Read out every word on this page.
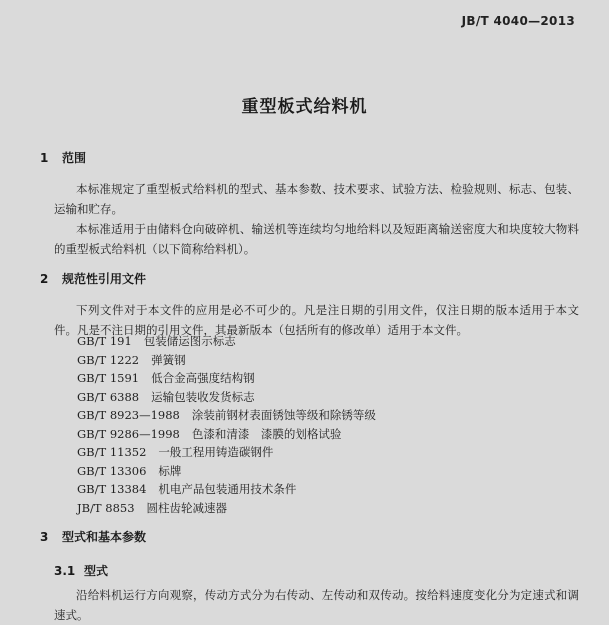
JB/T 4040—2013
重型板式给料机
1 范围

本标准规定了重型板式给料机的型式、基本参数、技术要求、试验方法、检验规则、标志、包装、运输和贮存。

本标准适用于由储料仓向破碎机、输送机等连续均匀地给料以及短距离输送密度大和块度较大物料的重型板式给料机（以下简称给料机）。

2 规范性引用文件

下列文件对于本文件的应用是必不可少的。凡是注日期的引用文件，仅注日期的版本适用于本文件。凡是不注日期的引用文件，其最新版本（包括所有的修改单）适用于本文件。

GB/T 191 包装储运图示标志
GB/T 1222 弹簧钢
GB/T 1591 低合金高强度结构钢
GB/T 6388 运输包装收发货标志
GB/T 8923—1988 涂装前钢材表面锈蚀等级和除锈等级
GB/T 9286—1998 色漆和清漆　漆膜的划格试验
GB/T 11352 一般工程用铸造碳钢件
GB/T 13306 标牌
GB/T 13384 机电产品包装通用技术条件
JB/T 8853 圆柱齿轮减速器
3 型式和基本参数
3.1 型式

沿给料机运行方向观察，传动方式分为右传动、左传动和双传动。按给料速度变化分为定速式和调速式。
